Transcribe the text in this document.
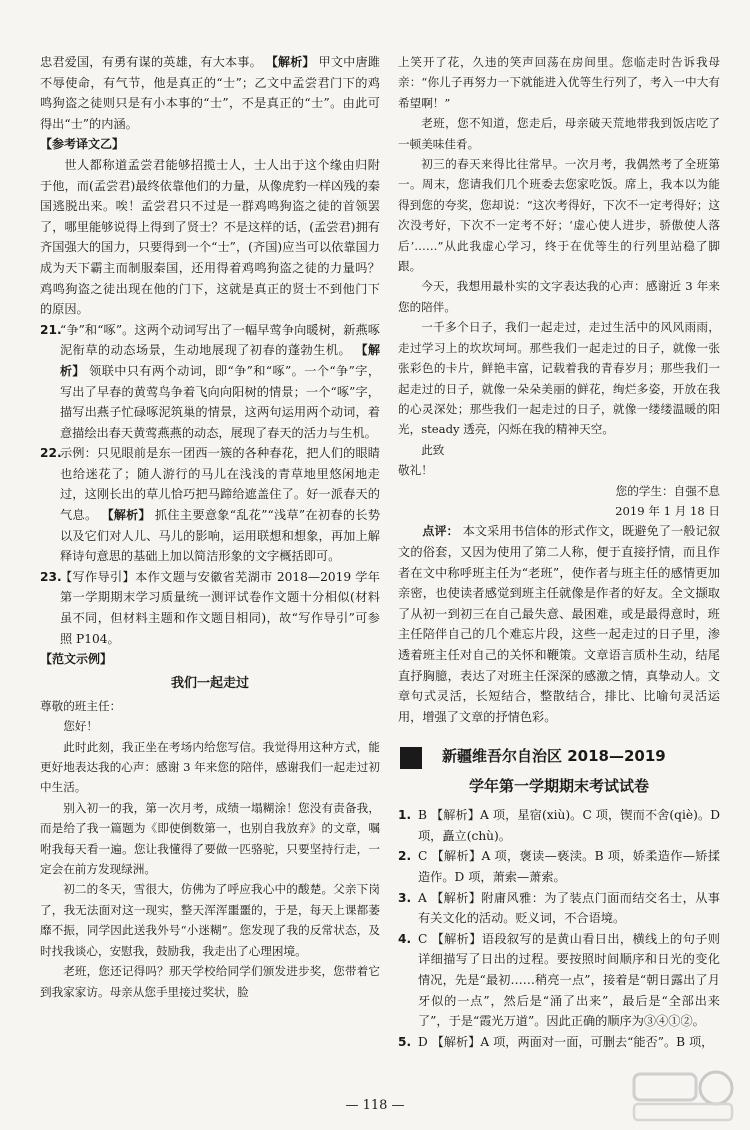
忠君爱国，有勇有谋的英雄，有大本事。 【解析】 甲文中唐雎不辱使命，有气节，他是真正的“士”；乙文中孟尝君门下的鸡鸣狗盗之徒则只是有小本事的“士”，不是真正的“士”。由此可得出“士”的内涵。

【参考译文乙】

世人都称道孟尝君能够招揽士人，士人出于这个缘由归附于他，而(孟尝君)最终依靠他们的力量，从像虎豹一样凶残的秦国逃脱出来。唉！孟尝君只不过是一群鸡鸣狗盗之徒的首领罢了，哪里能够说得上得到了贤士？不是这样的话，(孟尝君)拥有齐国强大的国力，只要得到一个“士”，(齐国)应当可以依靠国力成为天下霸主而制服秦国，还用得着鸡鸣狗盗之徒的力量吗？鸡鸣狗盗之徒出现在他的门下，这就是真正的贤士不到他门下的原因。

21.
“争”和“啄”。这两个动词写出了一幅早莺争向暖树，新燕啄泥衔草的动态场景，生动地展现了初春的蓬勃生机。 【解析】 领联中只有两个动词，即“争”和“啄”。一个“争”字，写出了早春的黄莺鸟争着飞向向阳树的情景；一个“啄”字，描写出燕子忙碌啄泥筑巢的情景，这两句运用两个动词，着意描绘出春天黄莺燕燕的动态，展现了春天的活力与生机。
22.
示例：只见眼前是东一团西一簇的各种春花，把人们的眼睛也给迷花了；随人游行的马儿在浅浅的青草地里悠闲地走过，这刚长出的草儿恰巧把马蹄给遮盖住了。好一派春天的气息。 【解析】 抓住主要意象“乱花”“浅草”在初春的长势以及它们对人儿、马儿的影响，运用联想和想象，再加上解释诗句意思的基础上加以简洁形象的文字概括即可。
23.
【写作导引】本作文题与安徽省芜湖市 2018—2019 学年第一学期期末学习质量统一测评试卷作文题十分相似(材料虽不同，但材料主题和作文题目相同)，故“写作导引”可参照 P104。

【范文示例】

我们一起走过

尊敬的班主任：

您好！

此时此刻，我正坐在考场内给您写信。我觉得用这种方式，能更好地表达我的心声：感谢 3 年来您的陪伴，感谢我们一起走过初中生活。

别入初一的我，第一次月考，成绩一塌糊涂！您没有责备我，而是给了我一篇题为《即使倒数第一，也别自我放弃》的文章，嘱咐我每天看一遍。您让我懂得了要做一匹骆驼，只要坚持行走，一定会在前方发现绿洲。

初二的冬天，雪很大，仿佛为了呼应我心中的酸楚。父亲下岗了，我无法面对这一现实，整天浑浑噩噩的，于是，每天上课都萎靡不振，同学因此送我外号“小迷糊”。您发现了我的反常状态，及时找我谈心，安慰我，鼓励我，我走出了心理困境。

老班，您还记得吗？那天学校给同学们颁发进步奖，您带着它到我家家访。母亲从您手里接过奖状，脸

上笑开了花，久违的笑声回荡在房间里。您临走时告诉我母亲：“你儿子再努力一下就能进入优等生行列了，考入一中大有希望啊！”

老班，您不知道，您走后，母亲破天荒地带我到饭店吃了一顿美味佳肴。

初三的春天来得比往常早。一次月考，我偶然考了全班第一。周末，您请我们几个班委去您家吃饭。席上，我本以为能得到您的夸奖，您却说：“这次考得好，下次不一定考得好；这次没考好，下次不一定考不好；‘虚心使人进步，骄傲使人落后’……”从此我虚心学习，终于在优等生的行列里站稳了脚跟。

今天，我想用最朴实的文字表达我的心声：感谢近 3 年来您的陪伴。

一千多个日子，我们一起走过，走过生活中的风风雨雨，走过学习上的坎坎坷坷。那些我们一起走过的日子，就像一张张彩色的卡片，鲜艳丰富，记载着我的青春岁月；那些我们一起走过的日子，就像一朵朵美丽的鲜花，绚烂多姿，开放在我的心灵深处；那些我们一起走过的日子，就像一缕缕温暖的阳光，steady 透亮，闪烁在我的精神天空。

此致

敬礼！

您的学生：自强不息

2019 年 1 月 18 日

点评： 本文采用书信体的形式作文，既避免了一般记叙文的俗套，又因为使用了第二人称，便于直接抒情，而且作者在文中称呼班主任为“老班”，使作者与班主任的感情更加亲密，也使读者感觉到班主任就像是作者的好友。全文撷取了从初一到初三在自己最失意、最困难，或是最得意时，班主任陪伴自己的几个难忘片段，这些一起走过的日子里，渗透着班主任对自己的关怀和鞭策。文章语言质朴生动，结尾直抒胸臆，表达了对班主任深深的感激之情，真挚动人。文章句式灵活，长短结合，整散结合，排比、比喻句灵活运用，增强了文章的抒情色彩。

新疆维吾尔自治区 2018—2019
学年第一学期期末考试试卷
1. B 【解析】A 项，星宿(xiù)。C 项，锲而不舍(qiè)。D 项，矗立(chù)。
2. C 【解析】A 项，褒读—亵渎。B 项，娇柔造作—矫揉造作。D 项，萧索—萧索。
3. A 【解析】附庸风雅：为了装点门面而结交名士，从事有关文化的活动。贬义词，不合语境。
4. C 【解析】语段叙写的是黄山看日出，横线上的句子则详细描写了日出的过程。要按照时间顺序和日光的变化情况，先是“最初……稍亮一点”，接着是“朝日露出了月牙似的一点”，然后是“涌了出来”，最后是“全部出来了”，于是“霞光万道”。因此正确的顺序为③④①②。
5. D 【解析】A 项，两面对一面，可删去“能否”。B 项，
— 118 —
